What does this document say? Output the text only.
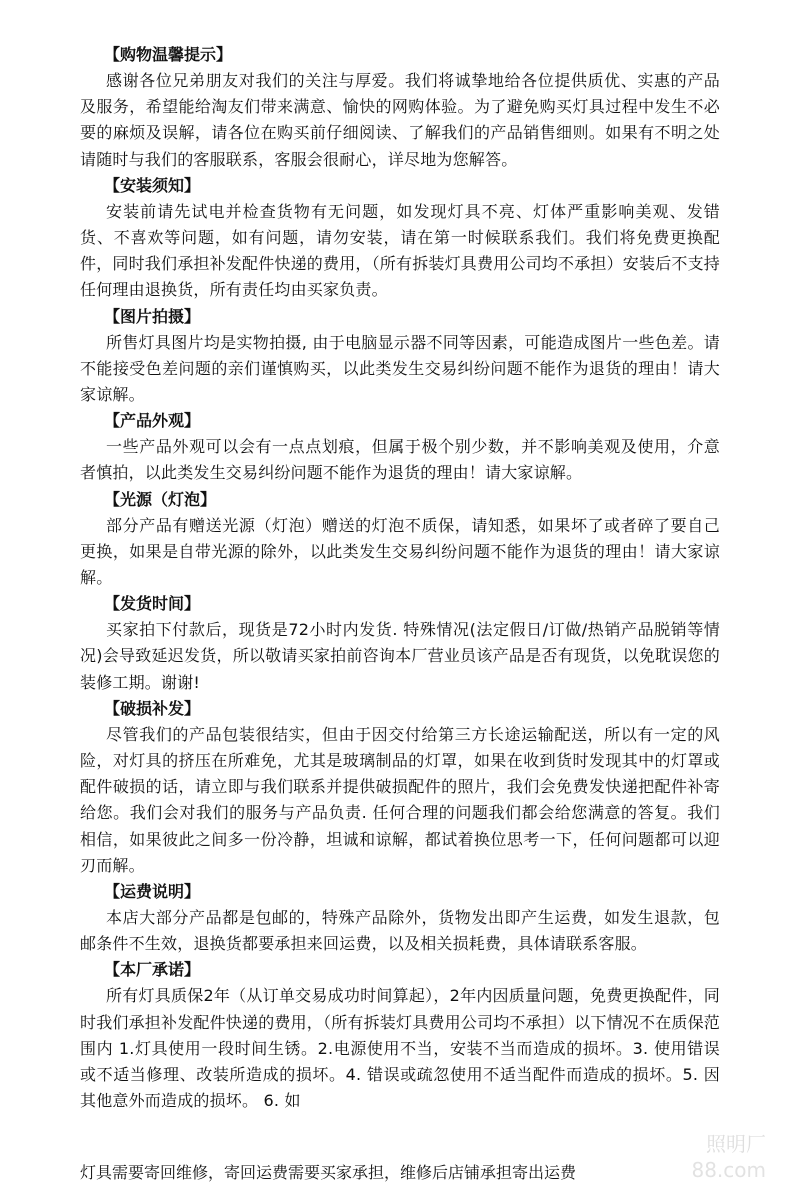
【购物温馨提示】

感谢各位兄弟朋友对我们的关注与厚爱。我们将诚挚地给各位提供质优、实惠的产品及服务，希望能给淘友们带来满意、愉快的网购体验。为了避免购买灯具过程中发生不必要的麻烦及误解，请各位在购买前仔细阅读、了解我们的产品销售细则。如果有不明之处请随时与我们的客服联系，客服会很耐心，详尽地为您解答。

【安装须知】

安装前请先试电并检查货物有无问题，如发现灯具不亮、灯体严重影响美观、发错货、不喜欢等问题，如有问题，请勿安装，请在第一时候联系我们。我们将免费更换配件，同时我们承担补发配件快递的费用，（所有拆装灯具费用公司均不承担）安装后不支持任何理由退换货，所有责任均由买家负责。

【图片拍摄】

所售灯具图片均是实物拍摄, 由于电脑显示器不同等因素，可能造成图片一些色差。请不能接受色差问题的亲们谨慎购买，以此类发生交易纠纷问题不能作为退货的理由！请大家谅解。

【产品外观】

一些产品外观可以会有一点点划痕，但属于极个别少数，并不影响美观及使用，介意者慎拍，以此类发生交易纠纷问题不能作为退货的理由！请大家谅解。

【光源（灯泡】

部分产品有赠送光源（灯泡）赠送的灯泡不质保，请知悉，如果坏了或者碎了要自己更换，如果是自带光源的除外，以此类发生交易纠纷问题不能作为退货的理由！请大家谅解。

【发货时间】

买家拍下付款后，现货是72小时内发货. 特殊情况(法定假日/订做/热销产品脱销等情况)会导致延迟发货，所以敬请买家拍前咨询本厂营业员该产品是否有现货，以免耽误您的装修工期。谢谢!

【破损补发】

尽管我们的产品包装很结实，但由于因交付给第三方长途运输配送，所以有一定的风险，对灯具的挤压在所难免，尤其是玻璃制品的灯罩，如果在收到货时发现其中的灯罩或配件破损的话，请立即与我们联系并提供破损配件的照片，我们会免费发快递把配件补寄给您。我们会对我们的服务与产品负责. 任何合理的问题我们都会给您满意的答复。我们相信，如果彼此之间多一份冷静，坦诚和谅解，都试着换位思考一下，任何问题都可以迎刃而解。

【运费说明】

本店大部分产品都是包邮的，特殊产品除外，货物发出即产生运费，如发生退款，包邮条件不生效，退换货都要承担来回运费，以及相关损耗费，具体请联系客服。

【本厂承诺】

所有灯具质保2年（从订单交易成功时间算起），2年内因质量问题，免费更换配件，同时我们承担补发配件快递的费用，（所有拆装灯具费用公司均不承担）以下情况不在质保范围内 1.灯具使用一段时间生锈。2.电源使用不当，安装不当而造成的损坏。3. 使用错误或不适当修理、改装所造成的损坏。4. 错误或疏忽使用不适当配件而造成的损坏。5. 因其他意外而造成的损坏。 6. 如

照明厂
88.com
灯具需要寄回维修，寄回运费需要买家承担，维修后店铺承担寄出运费
